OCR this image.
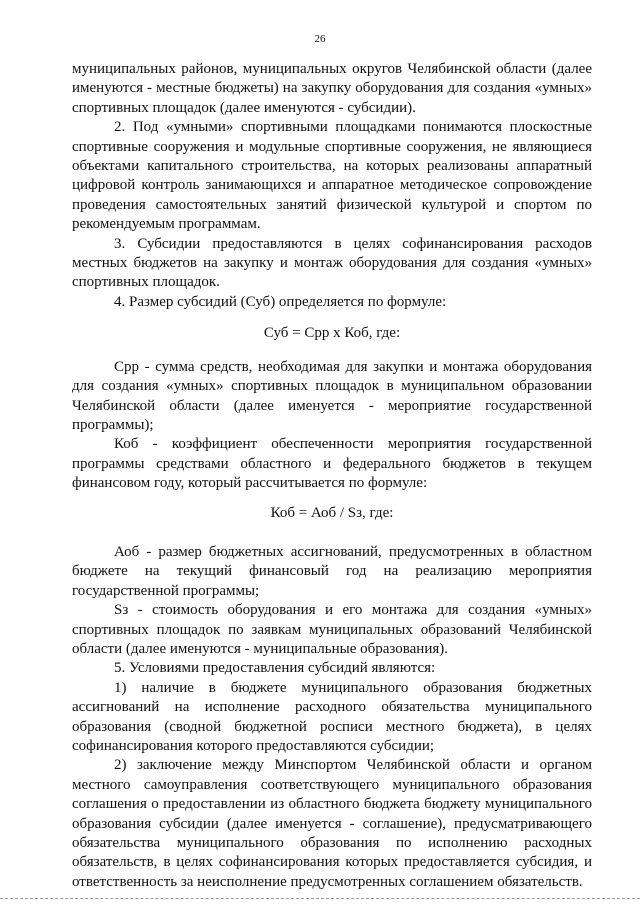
26

муниципальных районов, муниципальных округов Челябинской области (далее именуются - местные бюджеты) на закупку оборудования для создания «умных» спортивных площадок (далее именуются - субсидии).

2. Под «умными» спортивными площадками понимаются плоскостные спортивные сооружения и модульные спортивные сооружения, не являющиеся объектами капитального строительства, на которых реализованы аппаратный цифровой контроль занимающихся и аппаратное методическое сопровождение проведения самостоятельных занятий физической культурой и спортом по рекомендуемым программам.

3. Субсидии предоставляются в целях софинансирования расходов местных бюджетов на закупку и монтаж оборудования для создания «умных» спортивных площадок.

4. Размер субсидий (Суб) определяется по формуле:

Суб = Срр x Коб, где:

Срр - сумма средств, необходимая для закупки и монтажа оборудования для создания «умных» спортивных площадок в муниципальном образовании Челябинской области (далее именуется - мероприятие государственной программы);

Коб - коэффициент обеспеченности мероприятия государственной программы средствами областного и федерального бюджетов в текущем финансовом году, который рассчитывается по формуле:

Коб = Аоб / Sз, где:

Аоб - размер бюджетных ассигнований, предусмотренных в областном бюджете на текущий финансовый год на реализацию мероприятия государственной программы;

Sз - стоимость оборудования и его монтажа для создания «умных» спортивных площадок по заявкам муниципальных образований Челябинской области (далее именуются - муниципальные образования).

5. Условиями предоставления субсидий являются:

1) наличие в бюджете муниципального образования бюджетных ассигнований на исполнение расходного обязательства муниципального образования (сводной бюджетной росписи местного бюджета), в целях софинансирования которого предоставляются субсидии;

2) заключение между Минспортом Челябинской области и органом местного самоуправления соответствующего муниципального образования соглашения о предоставлении из областного бюджета бюджету муниципального образования субсидии (далее именуется - соглашение), предусматривающего обязательства муниципального образования по исполнению расходных обязательств, в целях софинансирования которых предоставляется субсидия, и ответственность за неисполнение предусмотренных соглашением обязательств.
